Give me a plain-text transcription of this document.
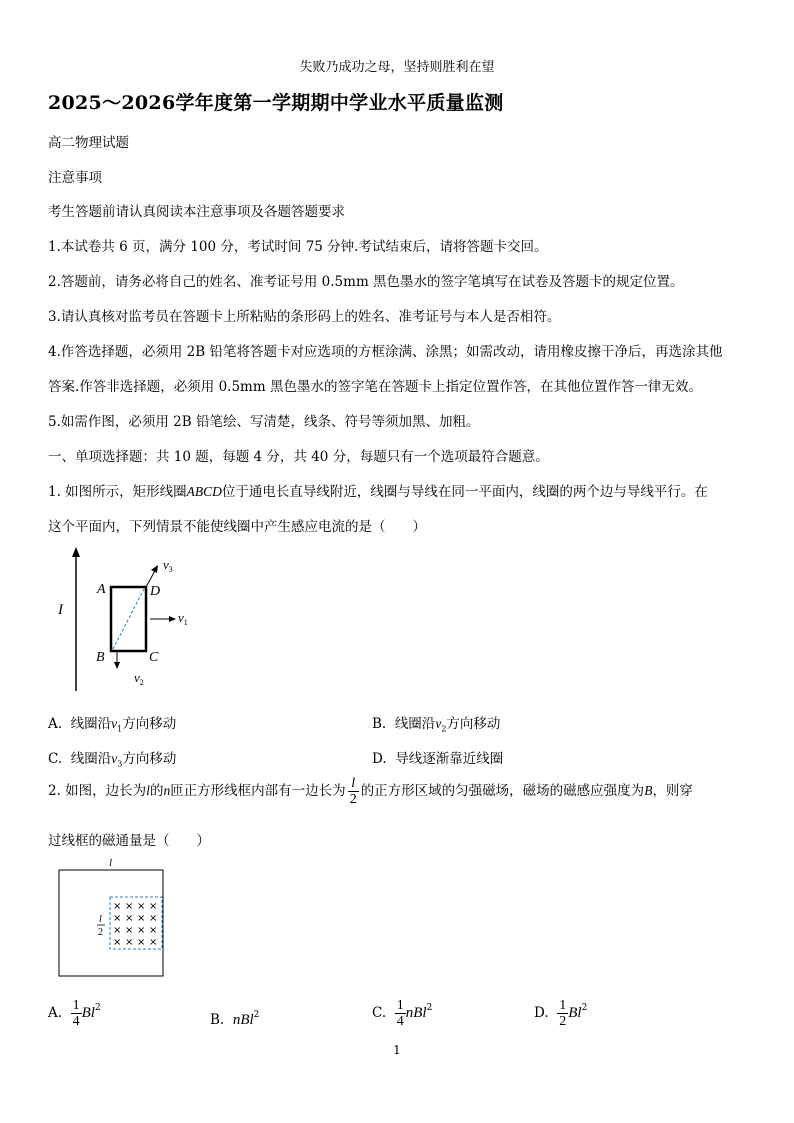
失败乃成功之母，坚持则胜利在望
2025～2026学年度第一学期期中学业水平质量监测
高二物理试题
注意事项
考生答题前请认真阅读本注意事项及各题答题要求
1.本试卷共 6 页，满分 100 分，考试时间 75 分钟.考试结束后，请将答题卡交回。
2.答题前，请务必将自己的姓名、准考证号用 0.5mm 黑色墨水的签字笔填写在试卷及答题卡的规定位置。
3.请认真核对监考员在答题卡上所粘贴的条形码上的姓名、准考证号与本人是否相符。
4.作答选择题，必须用 2B 铅笔将答题卡对应选项的方框涂满、涂黑；如需改动，请用橡皮擦干净后，再选涂其他
答案.作答非选择题，必须用 0.5mm 黑色墨水的签字笔在答题卡上指定位置作答，在其他位置作答一律无效。
5.如需作图，必须用 2B 铅笔绘、写清楚，线条、符号等须加黑、加粗。
一、单项选择题：共 10 题，每题 4 分，共 40 分，每题只有一个选项最符合题意。
1. 如图所示，矩形线圈ABCD位于通电长直导线附近，线圈与导线在同一平面内，线圈的两个边与导线平行。在
这个平面内，下列情景不能使线圈中产生感应电流的是（　　）
I
A	D
B	C
$v_1$
$v_2$
$v_3$
A. 线圈沿$v_1$方向移动	B. 线圈沿$v_2$方向移动
C. 线圈沿$v_3$方向移动	D. 导线逐渐靠近线圈
2. 如图，边长为l的n匝正方形线框内部有一边长为 $\frac{l}{2}$ 的正方形区域的匀强磁场，磁场的磁感应强度为B，则穿
过线框的磁通量是（　　）
l
l
2
× × × ×
× × × ×
× × × ×
× × × ×
A. $\frac{1}{4} Bl^2$
B. nBl$^2$	C. $\frac{1}{4} nBl^2$	D. $\frac{1}{2} Bl^2$
1
